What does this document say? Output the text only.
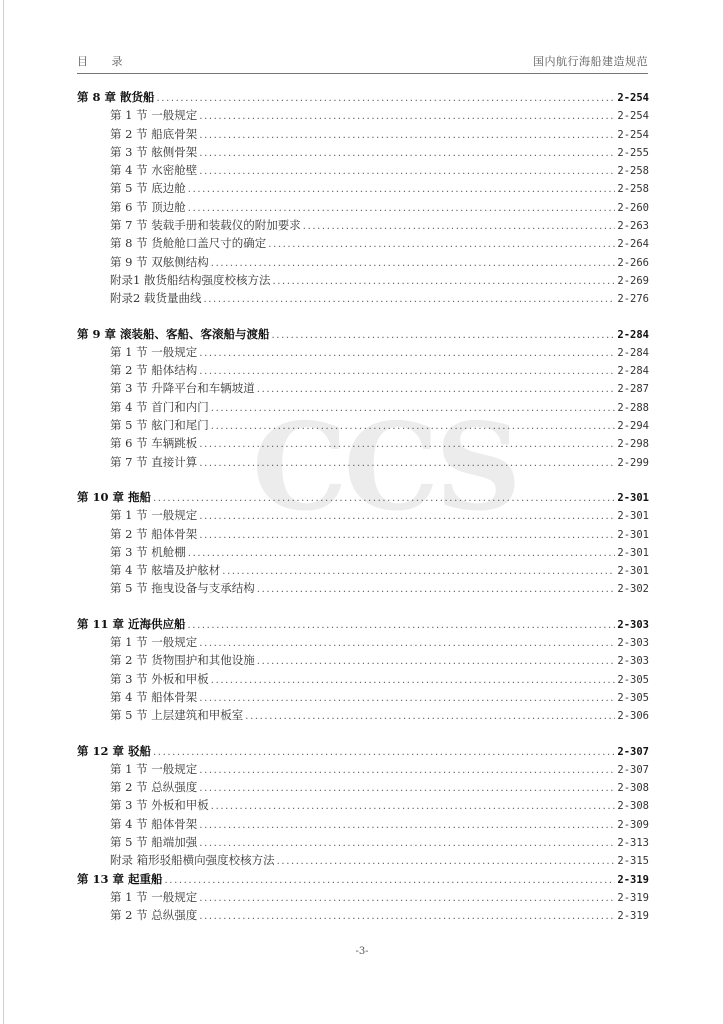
目 录	国内航行海船建造规范
CCS
第 8 章 散货船 .....	2-254
第 1 节 一般规定 .....	2-254
第 2 节 船底骨架 .....	2-254
第 3 节 舷侧骨架 .....	2-255
第 4 节 水密舱壁 .....	2-258
第 5 节 底边舱 .....	2-258
第 6 节 顶边舱 .....	2-260
第 7 节 装载手册和装载仪的附加要求 .....	2-263
第 8 节 货舱舱口盖尺寸的确定 .....	2-264
第 9 节 双舷侧结构 .....	2-266
附录1 散货船结构强度校核方法 .....	2-269
附录2 载货量曲线 .....	2-276
第 9 章 滚装船、客船、客滚船与渡船 .....	2-284
第 1 节 一般规定 .....	2-284
第 2 节 船体结构 .....	2-284
第 3 节 升降平台和车辆坡道 .....	2-287
第 4 节 首门和内门 .....	2-288
第 5 节 舷门和尾门 .....	2-294
第 6 节 车辆跳板 .....	2-298
第 7 节 直接计算 .....	2-299
第 10 章 拖船 .....	2-301
第 1 节 一般规定 .....	2-301
第 2 节 船体骨架 .....	2-301
第 3 节 机舱棚 .....	2-301
第 4 节 舷墙及护舷材 .....	2-301
第 5 节 拖曳设备与支承结构 .....	2-302
第 11 章 近海供应船 .....	2-303
第 1 节 一般规定 .....	2-303
第 2 节 货物围护和其他设施 .....	2-303
第 3 节 外板和甲板 .....	2-305
第 4 节 船体骨架 .....	2-305
第 5 节 上层建筑和甲板室 .....	2-306
第 12 章 驳船 .....	2-307
第 1 节 一般规定 .....	2-307
第 2 节 总纵强度 .....	2-308
第 3 节 外板和甲板 .....	2-308
第 4 节 船体骨架 .....	2-309
第 5 节 船端加强 .....	2-313
附录 箱形驳船横向强度校核方法 .....	2-315
第 13 章 起重船 .....	2-319
第 1 节 一般规定 .....	2-319
第 2 节 总纵强度 .....	2-319
-3-
